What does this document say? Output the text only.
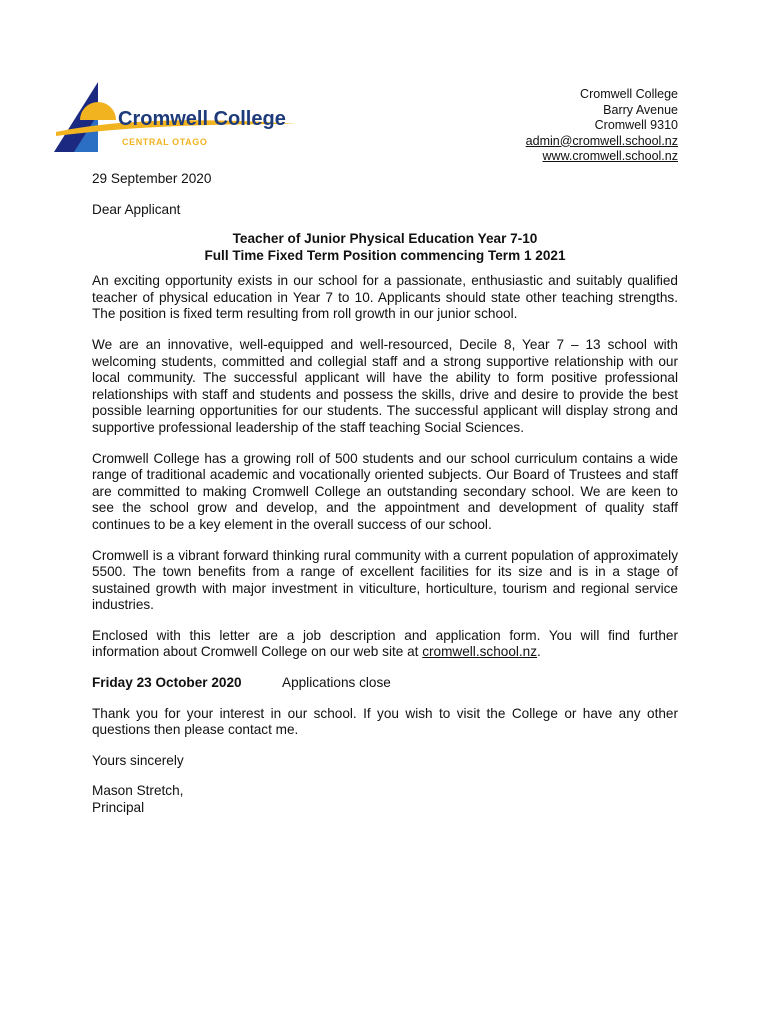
Cromwell College
CENTRAL OTAGO
Cromwell College
Barry Avenue
Cromwell 9310
admin@cromwell.school.nz
www.cromwell.school.nz
29 September 2020
Dear Applicant
Teacher of Junior Physical Education Year 7-10
Full Time Fixed Term Position commencing Term 1 2021

An exciting opportunity exists in our school for a passionate, enthusiastic and suitably qualified teacher of physical education in Year 7 to 10. Applicants should state other teaching strengths. The position is fixed term resulting from roll growth in our junior school.

We are an innovative, well-equipped and well-resourced, Decile 8, Year 7 – 13 school with welcoming students, committed and collegial staff and a strong supportive relationship with our local community. The successful applicant will have the ability to form positive professional relationships with staff and students and possess the skills, drive and desire to provide the best possible learning opportunities for our students. The successful applicant will display strong and supportive professional leadership of the staff teaching Social Sciences.

Cromwell College has a growing roll of 500 students and our school curriculum contains a wide range of traditional academic and vocationally oriented subjects. Our Board of Trustees and staff are committed to making Cromwell College an outstanding secondary school. We are keen to see the school grow and develop, and the appointment and development of quality staff continues to be a key element in the overall success of our school.

Cromwell is a vibrant forward thinking rural community with a current population of approximately 5500. The town benefits from a range of excellent facilities for its size and is in a stage of sustained growth with major investment in viticulture, horticulture, tourism and regional service industries.

Enclosed with this letter are a job description and application form. You will find further information about Cromwell College on our web site at cromwell.school.nz.

Friday 23 October 2020	Applications close

Thank you for your interest in our school. If you wish to visit the College or have any other questions then please contact me.

Yours sincerely

Mason Stretch,
Principal
